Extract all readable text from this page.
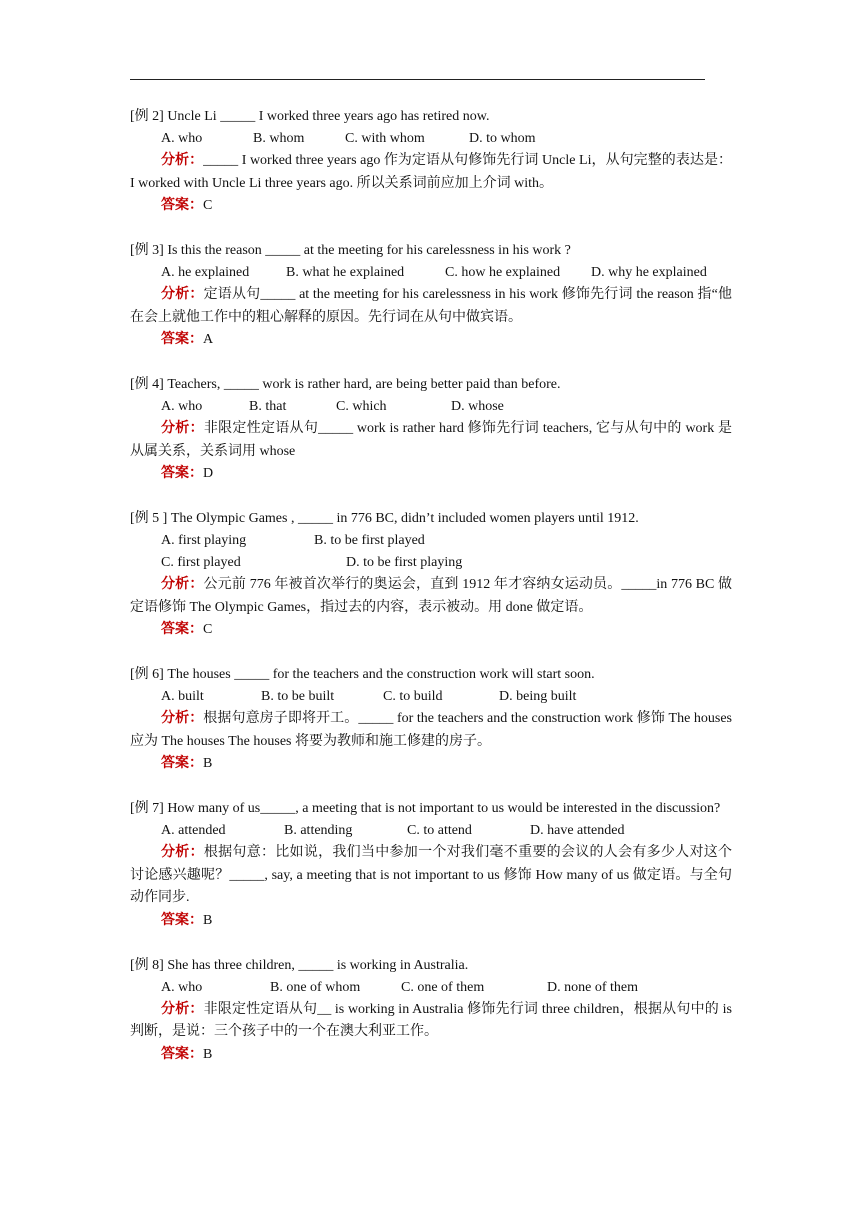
[例 2] Uncle Li _____ I worked three years ago has retired now.
A. who	B. whom	C. with whom	D. to whom
分析：_____ I worked three years ago 作为定语从句修饰先行词 Uncle Li，从句完整的表达是：I worked with Uncle Li three years ago. 所以关系词前应加上介词 with。
答案：C
[例 3] Is this the reason _____ at the meeting for his carelessness in his work ?
A. he explained	B. what he explained	C. how he explained D. why he explained
分析：定语从句_____ at the meeting for his carelessness in his work 修饰先行词 the reason 指“他在会上就他工作中的粗心解释的原因。先行词在从句中做宾语。
答案：A
[例 4] Teachers, _____ work is rather hard, are being better paid than before.
A. who	B. that	C. which	D. whose
分析：非限定性定语从句_____ work is rather hard 修饰先行词 teachers, 它与从句中的 work 是从属关系，关系词用 whose
答案：D
[例 5 ] The Olympic Games , _____ in 776 BC, didn’t included women players until 1912.
A. first playing	B. to be first played
C. first played	D. to be first playing
分析：公元前 776 年被首次举行的奥运会，直到 1912 年才容纳女运动员。_____in 776 BC 做定语修饰 The Olympic Games，指过去的内容，表示被动。用 done 做定语。
答案：C
[例 6] The houses _____ for the teachers and the construction work will start soon.
A. built	B. to be built	C. to build	D. being built
分析：根据句意房子即将开工。_____ for the teachers and the construction work 修饰 The houses 应为 The houses The houses 将要为教师和施工修建的房子。
答案：B
[例 7] How many of us_____, a meeting that is not important to us would be interested in the discussion?
A. attended	B. attending	C. to attend	D. have attended
分析：根据句意：比如说，我们当中参加一个对我们毫不重要的会议的人会有多少人对这个讨论感兴趣呢？_____, say, a meeting that is not important to us 修饰 How many of us 做定语。与全句动作同步.
答案：B
[例 8] She has three children, _____ is working in Australia.
A. who	B. one of whom	C. one of them	D. none of them
分析：非限定性定语从句__ is working in Australia 修饰先行词 three children，根据从句中的 is 判断，是说：三个孩子中的一个在澳大利亚工作。
答案：B
